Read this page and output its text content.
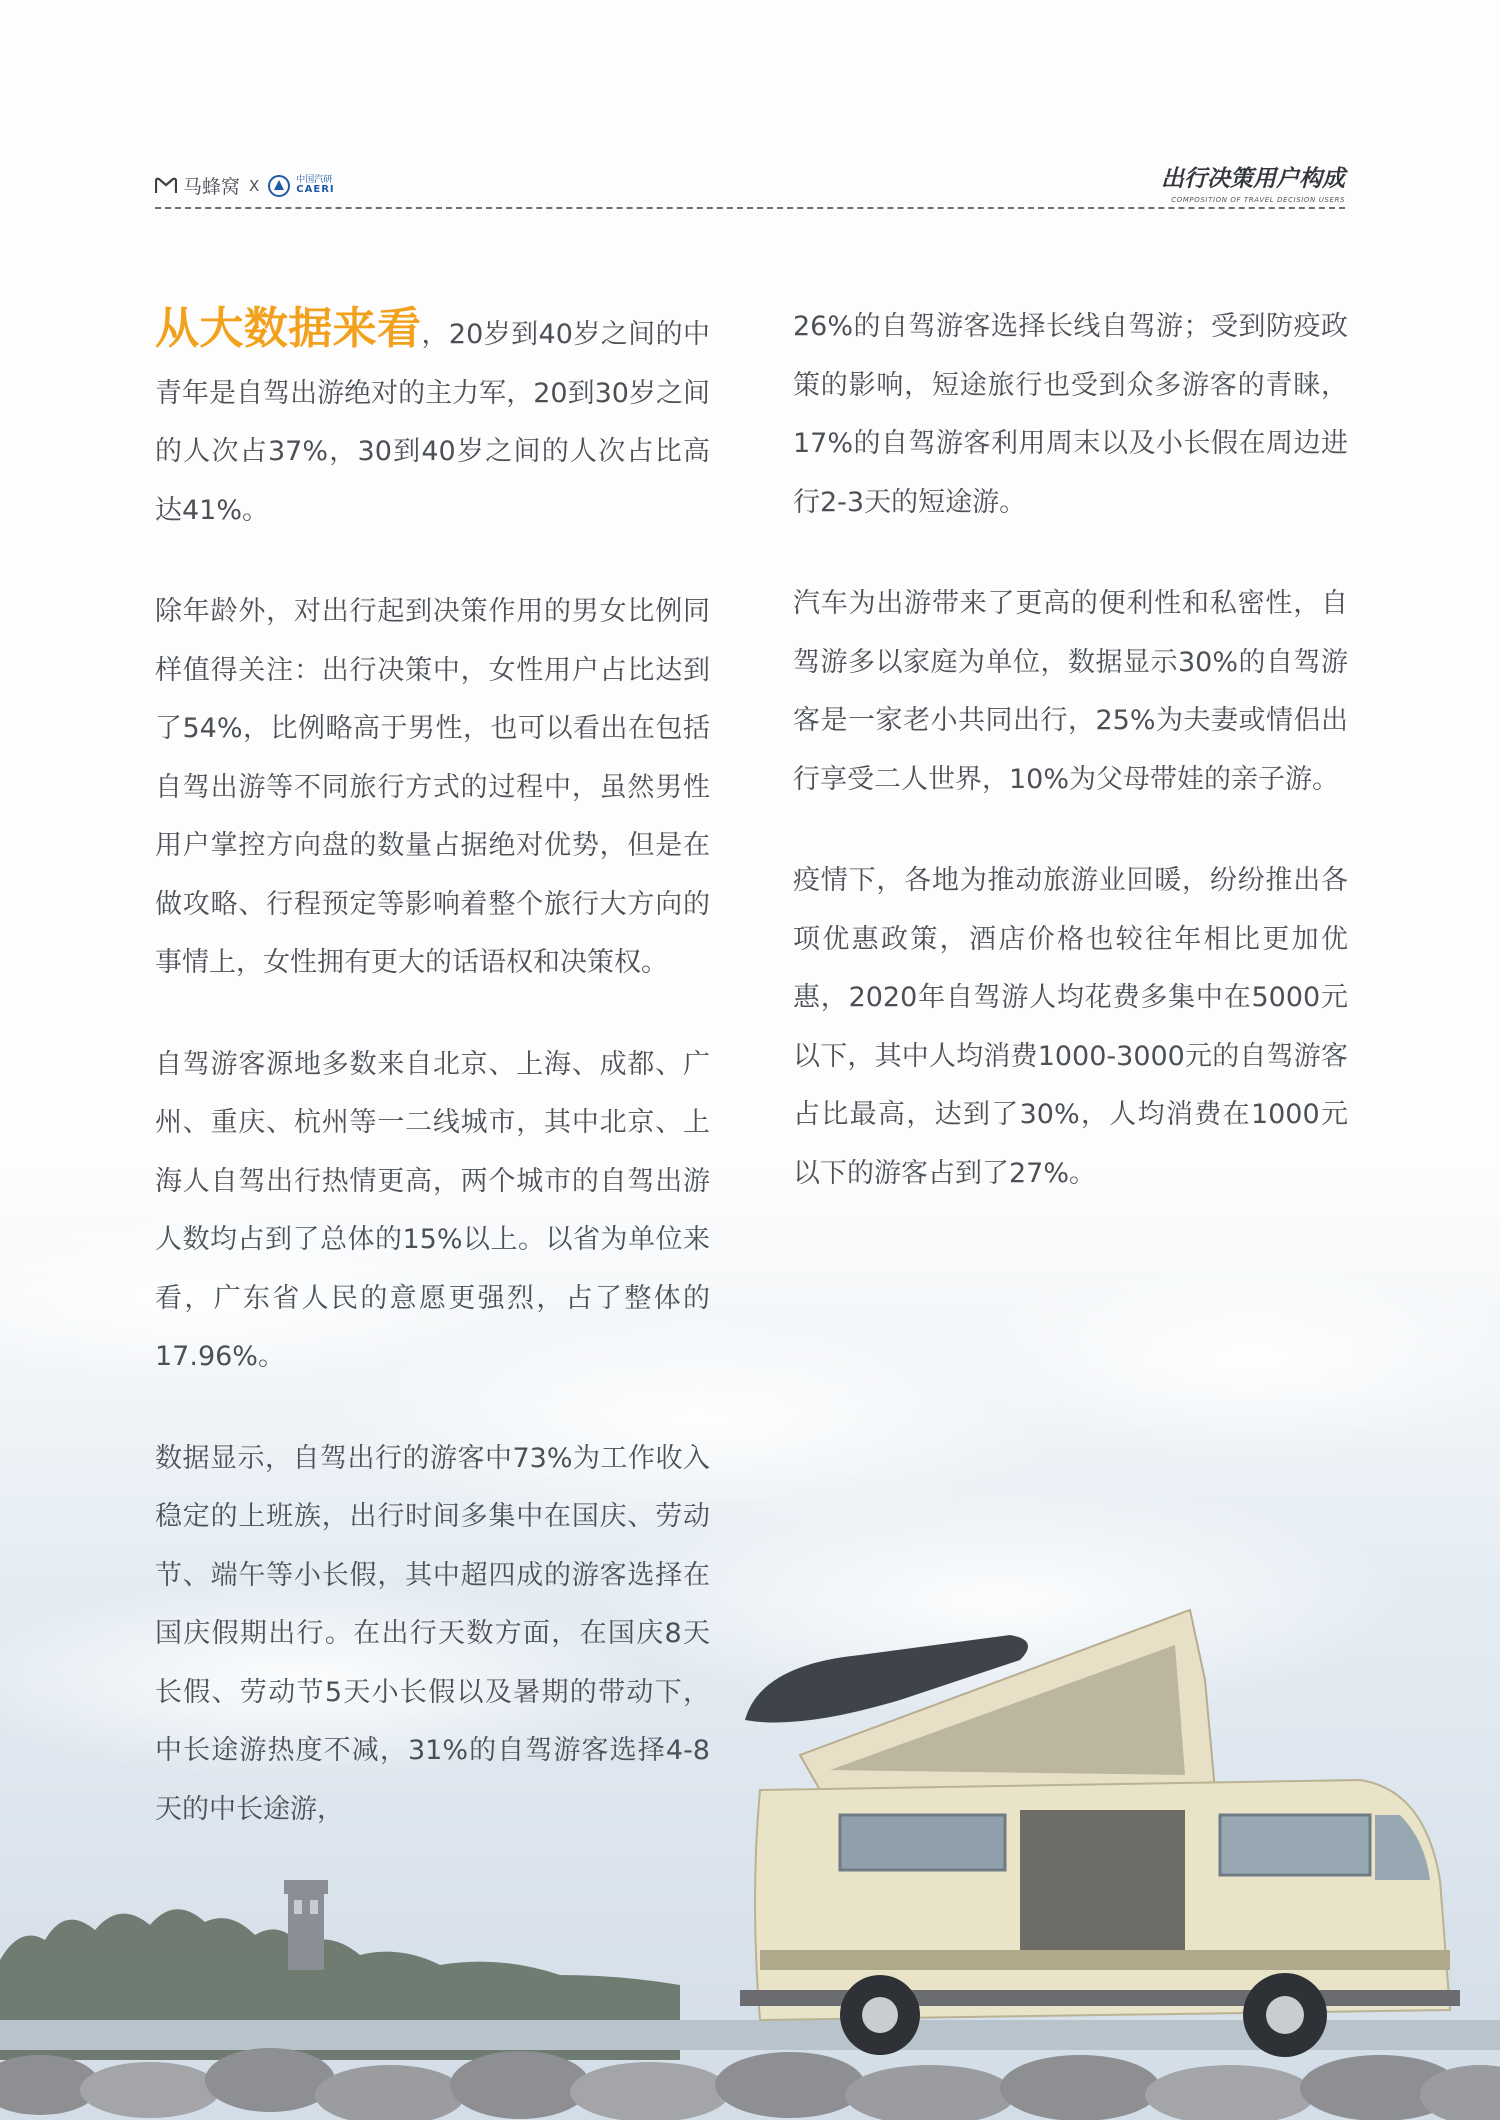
马蜂窝 X	中国汽研
CAERI	出行决策用户构成
COMPOSITION OF TRAVEL DECISION USERS

从大数据来看，20岁到40岁之间的中青年是自驾出游绝对的主力军，20到30岁之间的人次占37%，30到40岁之间的人次占比高达41%。

除年龄外，对出行起到决策作用的男女比例同样值得关注：出行决策中，女性用户占比达到了54%，比例略高于男性，也可以看出在包括自驾出游等不同旅行方式的过程中，虽然男性用户掌控方向盘的数量占据绝对优势，但是在做攻略、行程预定等影响着整个旅行大方向的事情上，女性拥有更大的话语权和决策权。

自驾游客源地多数来自北京、上海、成都、广州、重庆、杭州等一二线城市，其中北京、上海人自驾出行热情更高，两个城市的自驾出游人数均占到了总体的15%以上。以省为单位来看，广东省人民的意愿更强烈，占了整体的17.96%。

数据显示，自驾出行的游客中73%为工作收入稳定的上班族，出行时间多集中在国庆、劳动节、端午等小长假，其中超四成的游客选择在国庆假期出行。在出行天数方面，在国庆8天长假、劳动节5天小长假以及暑期的带动下，中长途游热度不减，31%的自驾游客选择4-8天的中长途游，

26%的自驾游客选择长线自驾游；受到防疫政策的影响，短途旅行也受到众多游客的青睐，17%的自驾游客利用周末以及小长假在周边进行2-3天的短途游。

汽车为出游带来了更高的便利性和私密性，自驾游多以家庭为单位，数据显示30%的自驾游客是一家老小共同出行，25%为夫妻或情侣出行享受二人世界，10%为父母带娃的亲子游。

疫情下，各地为推动旅游业回暖，纷纷推出各项优惠政策，酒店价格也较往年相比更加优惠，2020年自驾游人均花费多集中在5000元以下，其中人均消费1000-3000元的自驾游客占比最高，达到了30%，人均消费在1000元以下的游客占到了27%。
